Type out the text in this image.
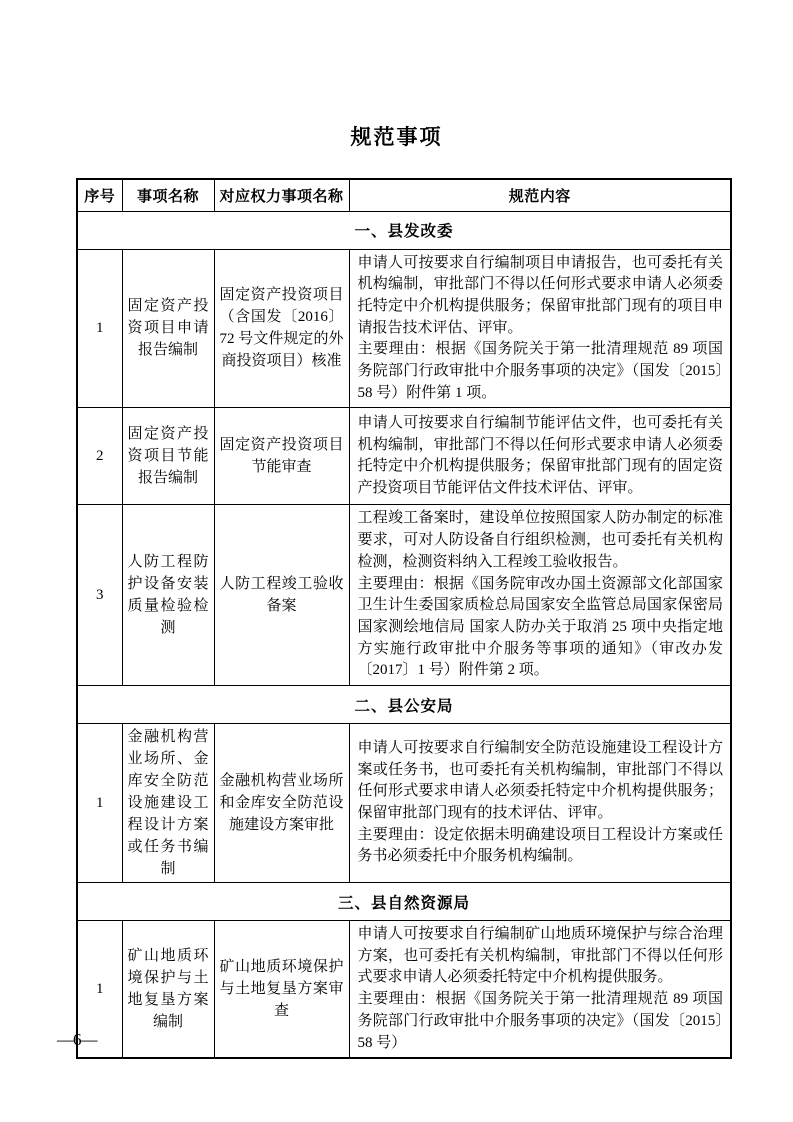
规范事项
序号	事项名称	对应权力事项名称	规范内容
一、县发改委			
1	固定资产投资项目申请报告编制	固定资产投资项目（含国发〔2016〕72 号文件规定的外商投资项目）核准	申请人可按要求自行编制项目申请报告，也可委托有关机构编制，审批部门不得以任何形式要求申请人必须委托特定中介机构提供服务；保留审批部门现有的项目申请报告技术评估、评审。
主要理由：根据《国务院关于第一批清理规范 89 项国务院部门行政审批中介服务事项的决定》（国发〔2015〕58 号）附件第 1 项。

2	固定资产投资项目节能报告编制	固定资产投资项目节能审查	申请人可按要求自行编制节能评估文件，也可委托有关机构编制，审批部门不得以任何形式要求申请人必须委托特定中介机构提供服务；保留审批部门现有的固定资产投资项目节能评估文件技术评估、评审。

3	人防工程防护设备安装质量检验检测	人防工程竣工验收备案	工程竣工备案时，建设单位按照国家人防办制定的标准要求，可对人防设备自行组织检测，也可委托有关机构检测，检测资料纳入工程竣工验收报告。
主要理由：根据《国务院审改办国土资源部文化部国家卫生计生委国家质检总局国家安全监管总局国家保密局 国家测绘地信局 国家人防办关于取消 25 项中央指定地方实施行政审批中介服务等事项的通知》（审改办发〔2017〕1 号）附件第 2 项。

二、县公安局			
1	金融机构营业场所、金库安全防范设施建设工程设计方案或任务书编制	金融机构营业场所和金库安全防范设施建设方案审批	申请人可按要求自行编制安全防范设施建设工程设计方案或任务书，也可委托有关机构编制，审批部门不得以任何形式要求申请人必须委托特定中介机构提供服务；保留审批部门现有的技术评估、评审。
主要理由：设定依据未明确建设项目工程设计方案或任务书必须委托中介服务机构编制。

三、县自然资源局			
1	矿山地质环境保护与土地复垦方案编制	矿山地质环境保护与土地复垦方案审查	申请人可按要求自行编制矿山地质环境保护与综合治理方案，也可委托有关机构编制，审批部门不得以任何形式要求申请人必须委托特定中介机构提供服务。
主要理由：根据《国务院关于第一批清理规范 89 项国务院部门行政审批中介服务事项的决定》（国发〔2015〕58 号）
—6—
